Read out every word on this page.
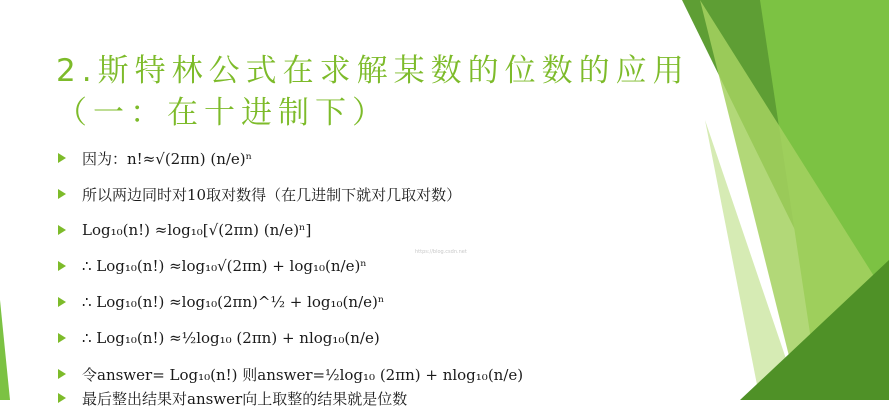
2.斯特林公式在求解某数的位数的应用
（一：在十进制下）
因为：n!≈√(2πn) (n/e)ⁿ
所以两边同时对10取对数得（在几进制下就对几取对数）
Log₁₀(n!) ≈log₁₀[√(2πn) (n/e)ⁿ]
∴ Log₁₀(n!) ≈log₁₀√(2πn) + log₁₀(n/e)ⁿ
∴ Log₁₀(n!) ≈log₁₀(2πn)^½ + log₁₀(n/e)ⁿ
∴ Log₁₀(n!) ≈½log₁₀ (2πn) + nlog₁₀(n/e)
令answer= Log₁₀(n!) 则answer=½log₁₀ (2πn) + nlog₁₀(n/e)
最后整出结果对answer向上取整的结果就是位数
https://blog.csdn.net
